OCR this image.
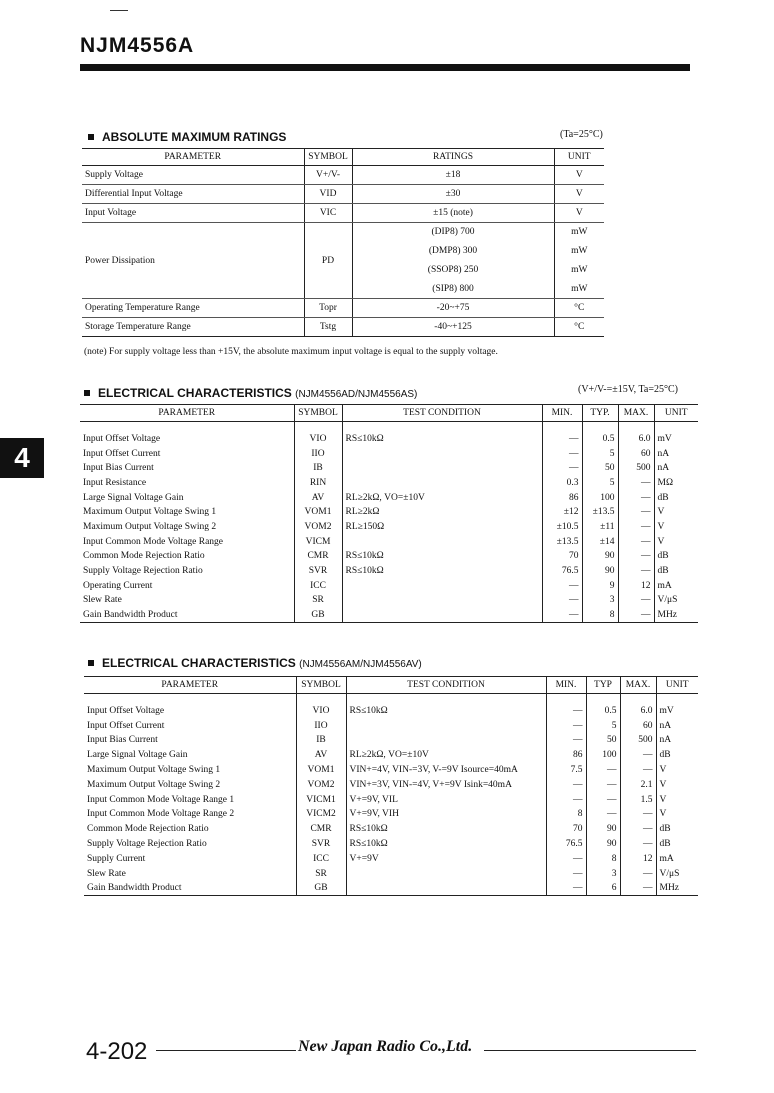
NJM4556A
4
ABSOLUTE MAXIMUM RATINGS	(Ta=25°C)
PARAMETER	SYMBOL	RATINGS	UNIT
Supply Voltage	V+/V-	±18	V
Differential Input Voltage	VID	±30	V
Input Voltage	VIC	±15 (note)	V
Power Dissipation	PD	(DIP8) 700	mW
		(DMP8) 300	mW
		(SSOP8) 250	mW
		(SIP8) 800	mW
Operating Temperature Range	Topr	-20~+75	°C
Storage Temperature Range	Tstg	-40~+125	°C
(note) For supply voltage less than +15V, the absolute maximum input voltage is equal to the supply voltage.
ELECTRICAL CHARACTERISTICS (NJM4556AD/NJM4556AS)	(V+/V-=±15V, Ta=25°C)
PARAMETER	SYMBOL	TEST CONDITION	MIN.	TYP.	MAX.	UNIT

Input Offset Voltage	VIO	RS≤10kΩ	—	0.5	6.0	mV
Input Offset Current	IIO		—	5	60	nA
Input Bias Current	IB		—	50	500	nA
Input Resistance	RIN		0.3	5	—	MΩ
Large Signal Voltage Gain	AV	RL≥2kΩ, VO=±10V	86	100	—	dB
Maximum Output Voltage Swing 1	VOM1	RL≥2kΩ	±12	±13.5	—	V
Maximum Output Voltage Swing 2	VOM2	RL≥150Ω	±10.5	±11	—	V
Input Common Mode Voltage Range	VICM		±13.5	±14	—	V
Common Mode Rejection Ratio	CMR	RS≤10kΩ	70	90	—	dB
Supply Voltage Rejection Ratio	SVR	RS≤10kΩ	76.5	90	—	dB
Operating Current	ICC		—	9	12	mA
Slew Rate	SR		—	3	—	V/μS
Gain Bandwidth Product	GB		—	8	—	MHz
ELECTRICAL CHARACTERISTICS (NJM4556AM/NJM4556AV)
PARAMETER	SYMBOL	TEST CONDITION	MIN.	TYP	MAX.	UNIT

Input Offset Voltage	VIO	RS≤10kΩ	—	0.5	6.0	mV
Input Offset Current	IIO		—	5	60	nA
Input Bias Current	IB		—	50	500	nA
Large Signal Voltage Gain	AV	RL≥2kΩ, VO=±10V	86	100	—	dB
Maximum Output Voltage Swing 1	VOM1	VIN+=4V, VIN-=3V, V-=9V Isource=40mA	7.5	—	—	V
Maximum Output Voltage Swing 2	VOM2	VIN+=3V, VIN-=4V, V+=9V Isink=40mA	—	—	2.1	V
Input Common Mode Voltage Range 1	VICM1	V+=9V, VIL	—	—	1.5	V
Input Common Mode Voltage Range 2	VICM2	V+=9V, VIH	8	—	—	V
Common Mode Rejection Ratio	CMR	RS≤10kΩ	70	90	—	dB
Supply Voltage Rejection Ratio	SVR	RS≤10kΩ	76.5	90	—	dB
Supply Current	ICC	V+=9V	—	8	12	mA
Slew Rate	SR		—	3	—	V/μS
Gain Bandwidth Product	GB		—	6	—	MHz
4-202	New Japan Radio Co.,Ltd.
